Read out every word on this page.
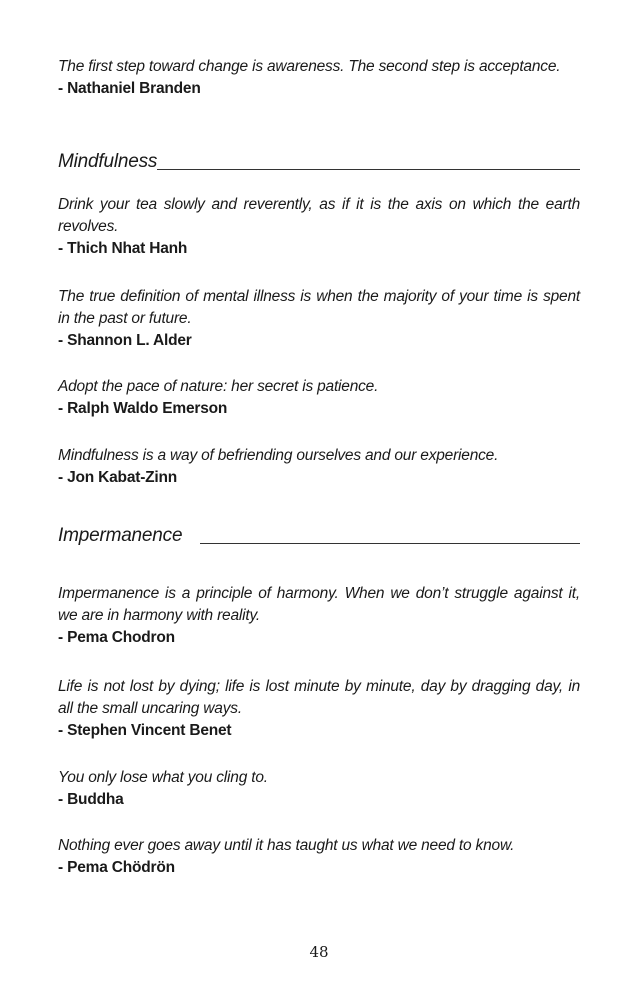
The first step toward change is awareness. The second step is acceptance.

- Nathaniel Branden

Mindfulness

Drink your tea slowly and reverently, as if it is the axis on which the earth revolves.

- Thich Nhat Hanh

The true definition of mental illness is when the majority of your time is spent in the past or future.

- Shannon L. Alder

Adopt the pace of nature: her secret is patience.

- Ralph Waldo Emerson

Mindfulness is a way of befriending ourselves and our experience.

- Jon Kabat-Zinn

Impermanence

Impermanence is a principle of harmony. When we don’t struggle against it, we are in harmony with reality.

- Pema Chodron

Life is not lost by dying; life is lost minute by minute, day by dragging day, in all the small uncaring ways.

- Stephen Vincent Benet

You only lose what you cling to.

- Buddha

Nothing ever goes away until it has taught us what we need to know.

- Pema Chödrön

48
